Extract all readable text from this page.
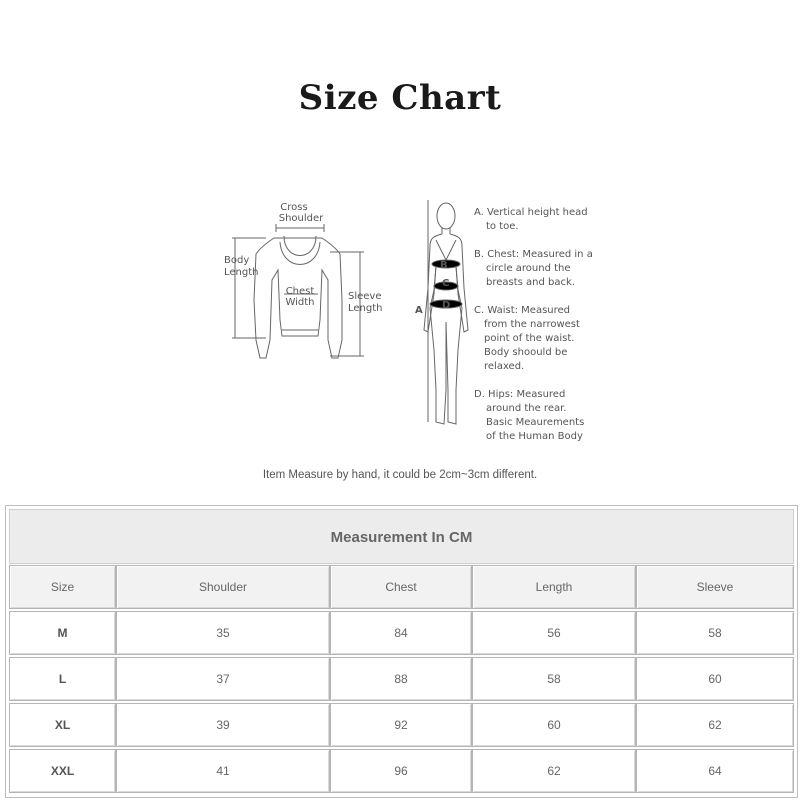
Size Chart
Cross
Shoulder
Body
Length
Chest
Width
Sleeve
Length
B
C
D
A
A. Vertical height head
to toe.
B. Chest: Measured in a
circle around the
breasts and back.
C. Waist: Measured
from the narrowest
point of the waist.
Body shoould be
relaxed.
D. Hips: Measured
around the rear.
Basic Meaurements
of the Human Body
Item Measure by hand, it could be 2cm~3cm different.
Measurement In CM
Size	Shoulder	Chest	Length	Sleeve
M	35	84	56	58
L	37	88	58	60
XL	39	92	60	62
XXL	41	96	62	64
